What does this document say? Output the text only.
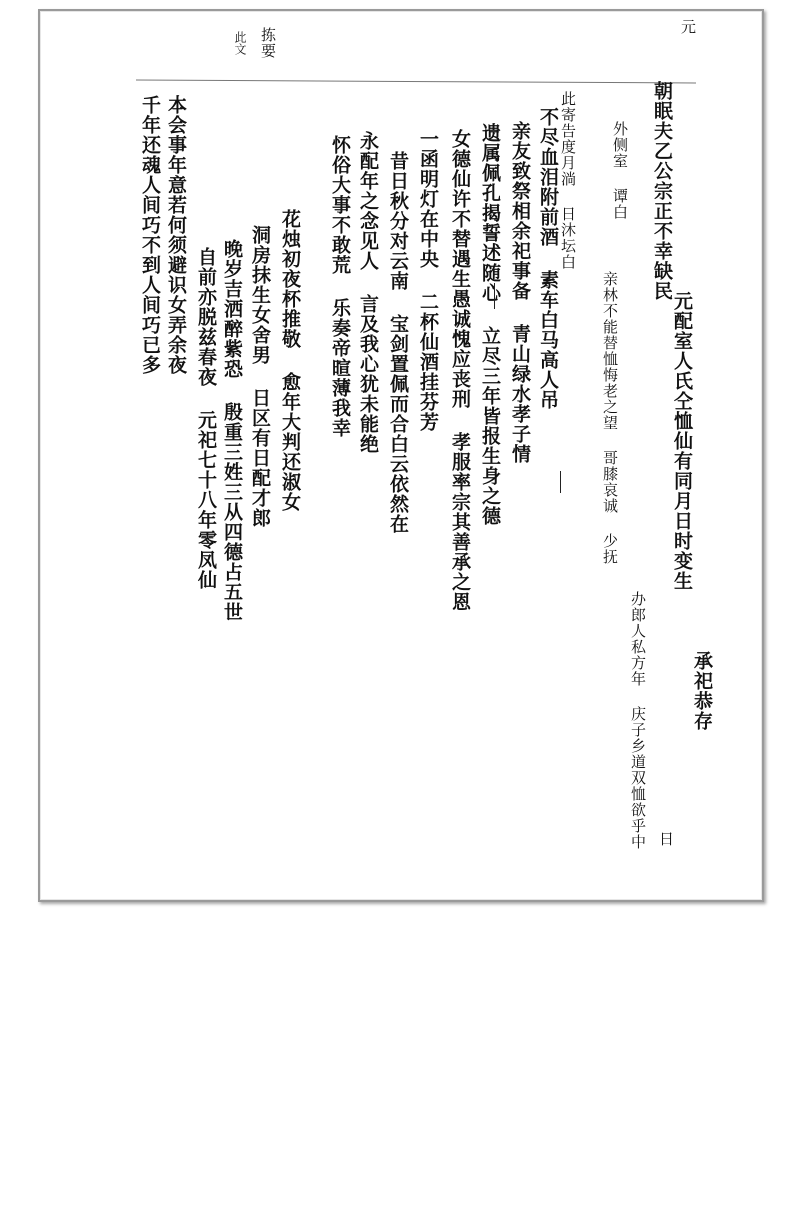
元
朝眠夫乙公宗正不幸缺民
元配室人氏仝恤仙有同月日时变生
承祀恭存
日
办郎人私方年 庆子乡道双恤欲乎中
外侧室 谭白
亲林不能替恤悔老之望 哥膝哀诚 少抚
此寄告度月淌 日沐坛白
不尽血泪附前酒 素车白马高人吊
亲友致祭相余祀事备 青山绿水孝子情
遗属佩孔揭誓述随心 立尽三年皆报生身之德
女德仙许不替遇生愚诚愧应丧刑 孝服率宗其善承之恩
一函明灯在中央 二杯仙酒挂芬芳
昔日秋分对云南 宝剑置佩而合白云依然在
永配年之念见人 言及我心犹未能绝
怀俗大事不敢荒 乐奏帝暄薄我幸
花烛初夜杯推敬 愈年大判还淑女
洞房抹生女舍男 日区有日配才郎
晚岁吉洒醉紫恐 殷重三姓三从四德占五世
自前亦脱兹春夜 元祀七十八年零凤仙
本会事年意若何须避识女弄余夜
千年还魂人间巧不到人间巧已多
拣要
此文
